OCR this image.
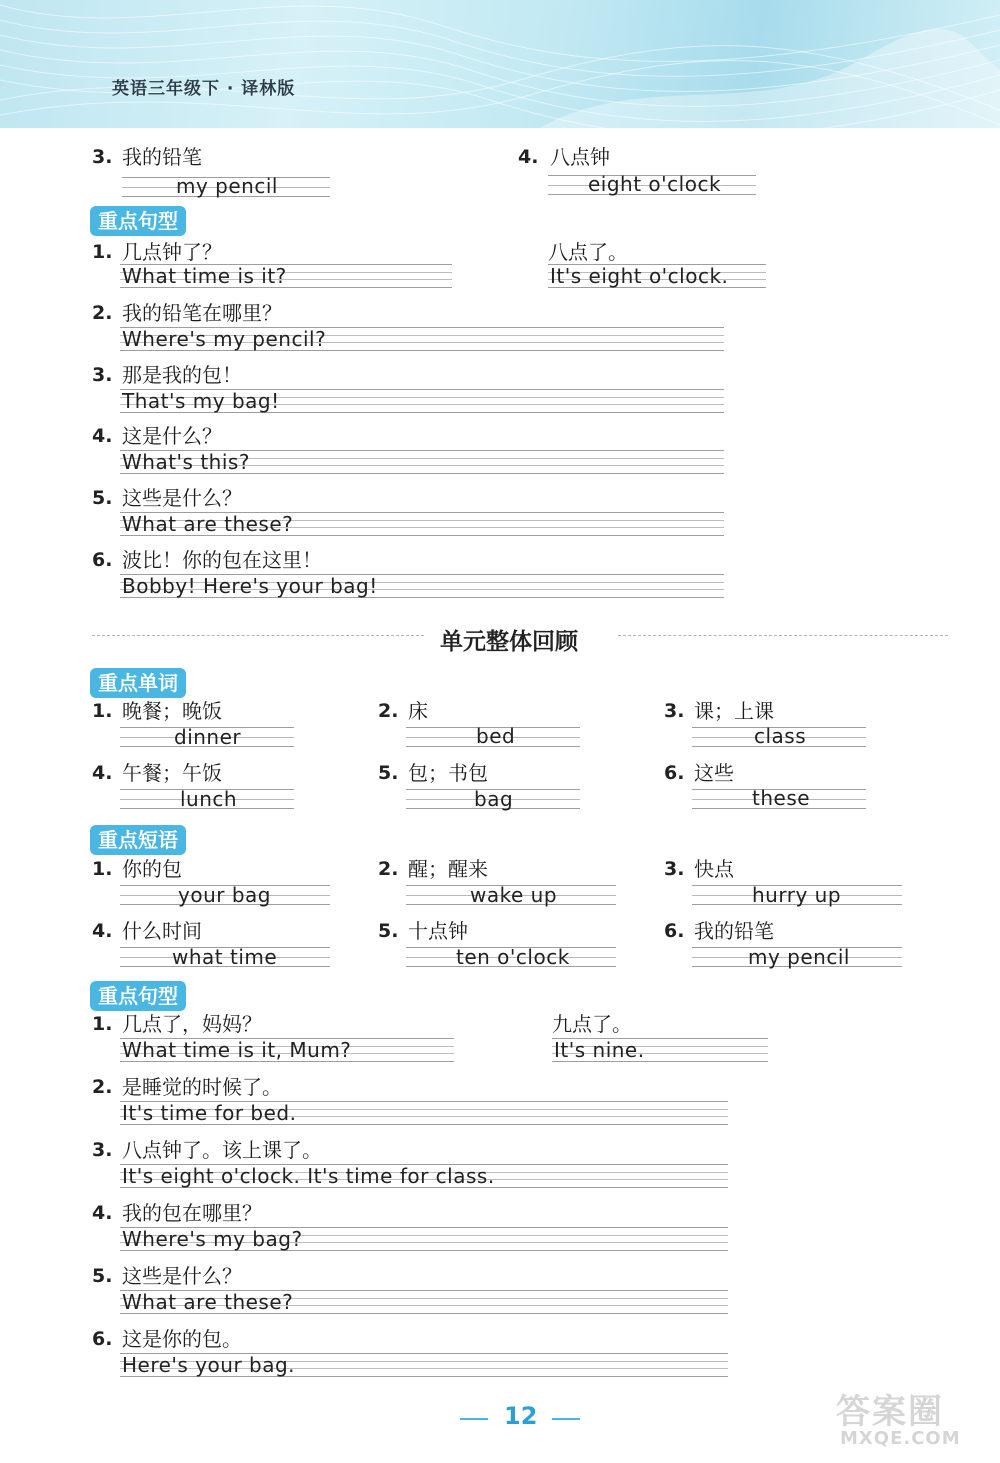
英语三年级下 · 译林版
3. 我的铅笔
my pencil
4. 八点钟
eight o'clock
重点句型
1. 几点钟了？
What time is it?
八点了。
It's eight o'clock.
2. 我的铅笔在哪里？
Where's my pencil?
3. 那是我的包！
That's my bag!
4. 这是什么？
What's this?
5. 这些是什么？
What are these?
6. 波比！你的包在这里！
Bobby! Here's your bag!
单元整体回顾
重点单词
1. 晚餐；晚饭
dinner
2. 床
bed
3. 课；上课
class
4. 午餐；午饭
lunch
5. 包；书包
bag
6. 这些
these
重点短语
1. 你的包
your bag
2. 醒；醒来
wake up
3. 快点
hurry up
4. 什么时间
what time
5. 十点钟
ten o'clock
6. 我的铅笔
my pencil
重点句型
1. 几点了，妈妈？
What time is it, Mum?
九点了。
It's nine.
2. 是睡觉的时候了。
It's time for bed.
3. 八点钟了。该上课了。
It's eight o'clock. It's time for class.
4. 我的包在哪里？
Where's my bag?
5. 这些是什么？
What are these?
6. 这是你的包。
Here's your bag.
12	答案圈
MXQE.COM
